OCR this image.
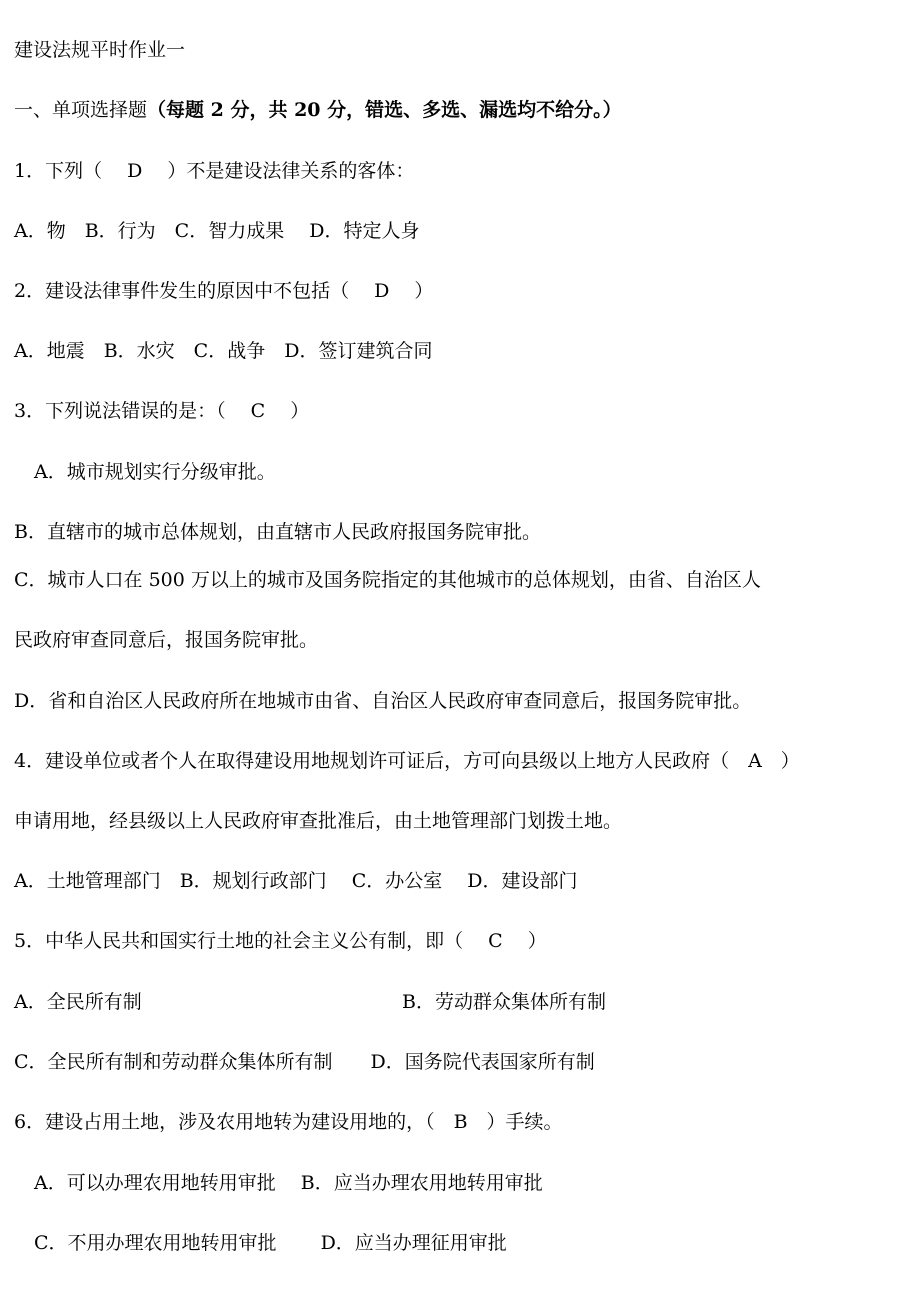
建设法规平时作业一
一、单项选择题（每题 2 分，共 20 分，错选、多选、漏选均不给分。）
1．下列（　 D　 ）不是建设法律关系的客体：
A．物　B．行为　C．智力成果　 D．特定人身
2．建设法律事件发生的原因中不包括（　 D　 ）
A．地震　B．水灾　C．战争　D．签订建筑合同
3．下列说法错误的是：（　 C　 ）
A．城市规划实行分级审批。
B．直辖市的城市总体规划，由直辖市人民政府报国务院审批。
C．城市人口在 500 万以上的城市及国务院指定的其他城市的总体规划，由省、自治区人
民政府审查同意后，报国务院审批。
D．省和自治区人民政府所在地城市由省、自治区人民政府审查同意后，报国务院审批。
4．建设单位或者个人在取得建设用地规划许可证后，方可向县级以上地方人民政府（　A　）
申请用地，经县级以上人民政府审查批准后，由土地管理部门划拨土地。
A．土地管理部门　B．规划行政部门　 C．办公室　 D．建设部门
5．中华人民共和国实行土地的社会主义公有制，即（　 C　 ）
A．全民所有制	B．劳动群众集体所有制
C．全民所有制和劳动群众集体所有制　　D．国务院代表国家所有制
6．建设占用土地，涉及农用地转为建设用地的，（　B　）手续。
A．可以办理农用地转用审批　 B．应当办理农用地转用审批
C．不用办理农用地转用审批　　 D．应当办理征用审批
